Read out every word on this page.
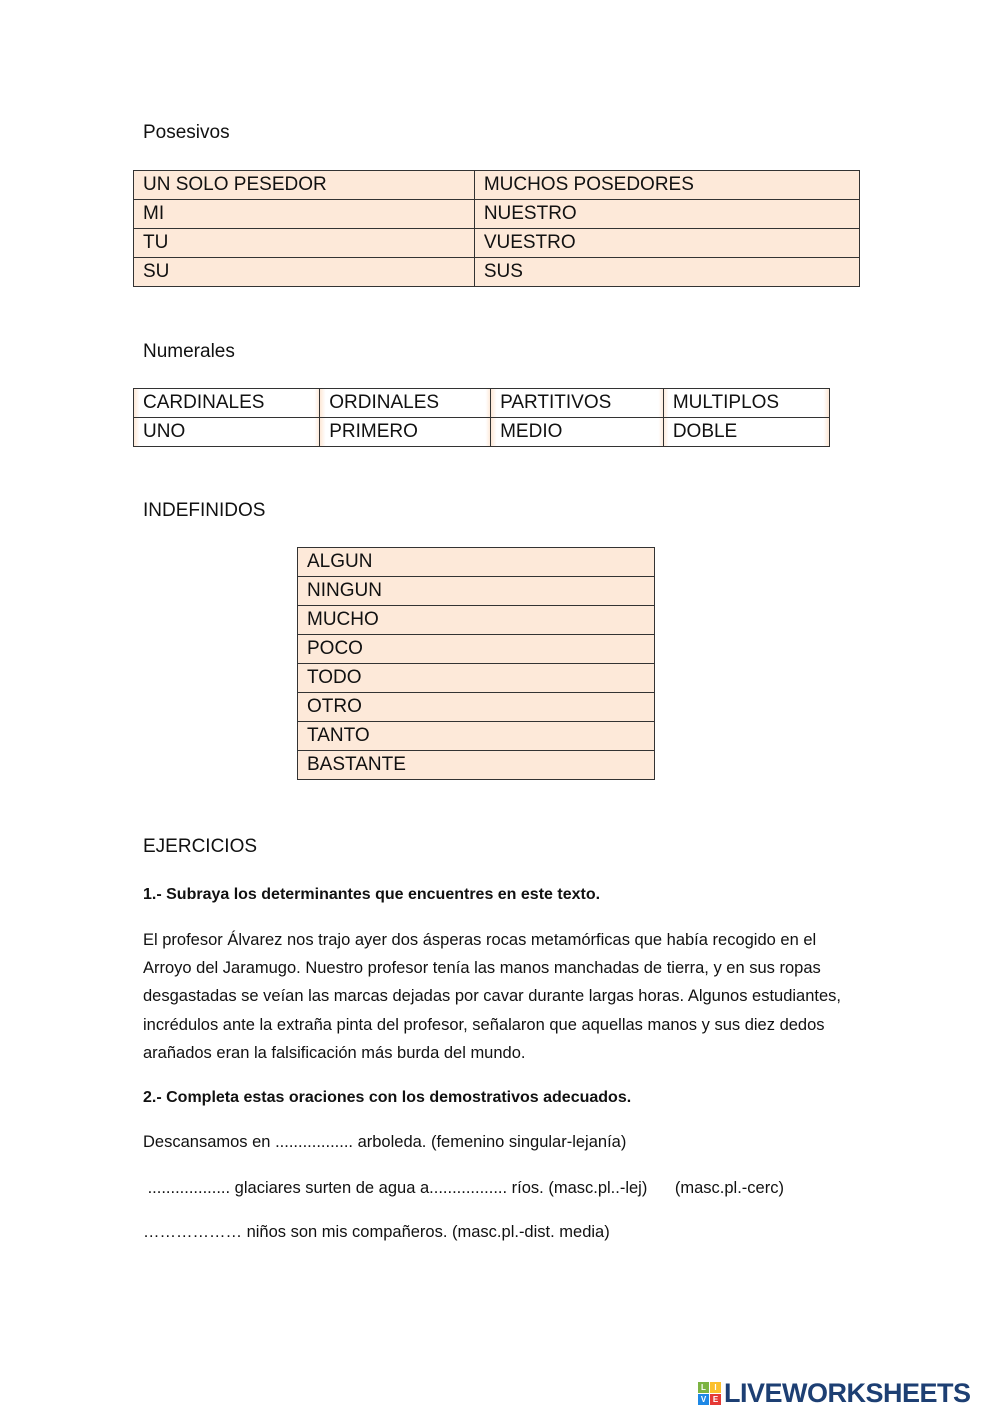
Posesivos
UN SOLO PESEDOR	MUCHOS POSEDORES
MI	NUESTRO
TU	VUESTRO
SU	SUS
Numerales
CARDINALES	ORDINALES	PARTITIVOS	MULTIPLOS
UNO	PRIMERO	MEDIO	DOBLE
INDEFINIDOS
ALGUN
NINGUN
MUCHO
POCO
TODO
OTRO
TANTO
BASTANTE
EJERCICIOS
1.- Subraya los determinantes que encuentres en este texto.
El profesor Álvarez nos trajo ayer dos ásperas rocas metamórficas que había recogido en el Arroyo del Jaramugo. Nuestro profesor tenía las manos manchadas de tierra, y en sus ropas desgastadas se veían las marcas dejadas por cavar durante largas horas. Algunos estudiantes, incrédulos ante la extraña pinta del profesor, señalaron que aquellas manos y sus diez dedos arañados eran la falsificación más burda del mundo.
2.- Completa estas oraciones con los demostrativos adecuados.
Descansamos en ................. arboleda. (femenino singular-lejanía)
.................. glaciares surten de agua a................. ríos. (masc.pl..-lej)      (masc.pl.-cerc)
……………… niños son mis compañeros. (masc.pl.-dist. media)
L	I
V E LIVEWORKSHEETS
